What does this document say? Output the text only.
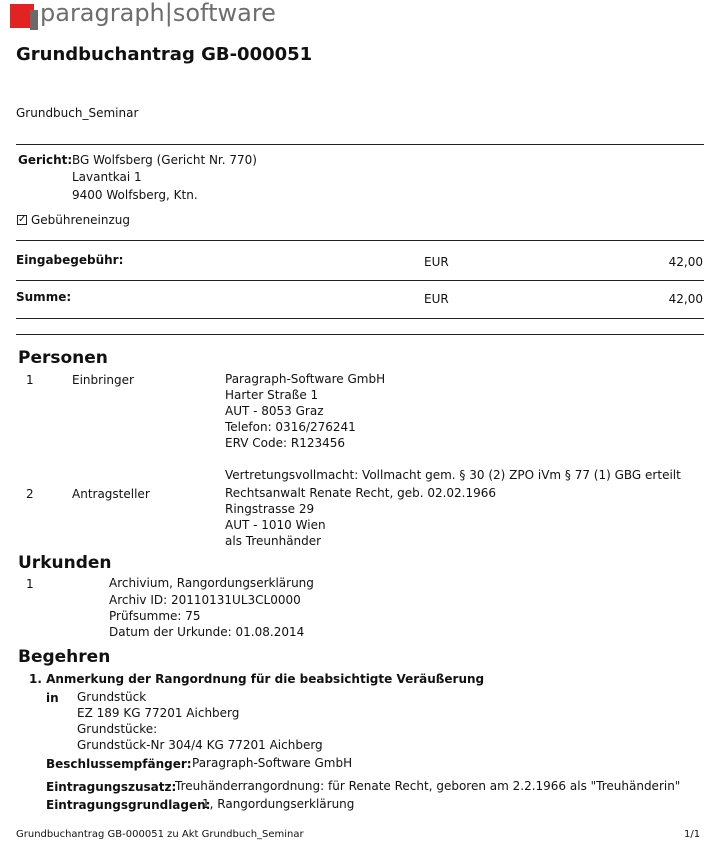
paragraph|software
Grundbuchantrag GB-000051
Grundbuch_Seminar
Gericht: BG Wolfsberg (Gericht Nr. 770)
Lavantkai 1
9400 Wolfsberg, Ktn.
✓ Gebühreneinzug
Eingabegebühr:	EUR	42,00
Summe:	EUR	42,00
Personen
1	Einbringer	Paragraph-Software GmbH
Harter Straße 1
AUT - 8053 Graz
Telefon: 0316/276241
ERV Code: R123456
Vertretungsvollmacht: Vollmacht gem. § 30 (2) ZPO iVm § 77 (1) GBG erteilt
2	Antragsteller	Rechtsanwalt Renate Recht, geb. 02.02.1966
Ringstrasse 29
AUT - 1010 Wien
als Treunhänder
Urkunden
1	Archivium, Rangordungserklärung
Archiv ID: 20110131UL3CL0000
Prüfsumme: 75
Datum der Urkunde: 01.08.2014
Begehren
1. Anmerkung der Rangordnung für die beabsichtigte Veräußerung
in Grundstück
EZ 189 KG 77201 Aichberg
Grundstücke:
Grundstück-Nr 304/4 KG 77201 Aichberg
Beschlussempfänger: Paragraph-Software GmbH
Eintragungszusatz:
Treuhänderrangordnung: für Renate Recht, geboren am 2.2.1966 als "Treuhänderin"
Eintragungsgrundlagen:
1, Rangordungserklärung
Grundbuchantrag GB-000051 zu Akt Grundbuch_Seminar	1/1
